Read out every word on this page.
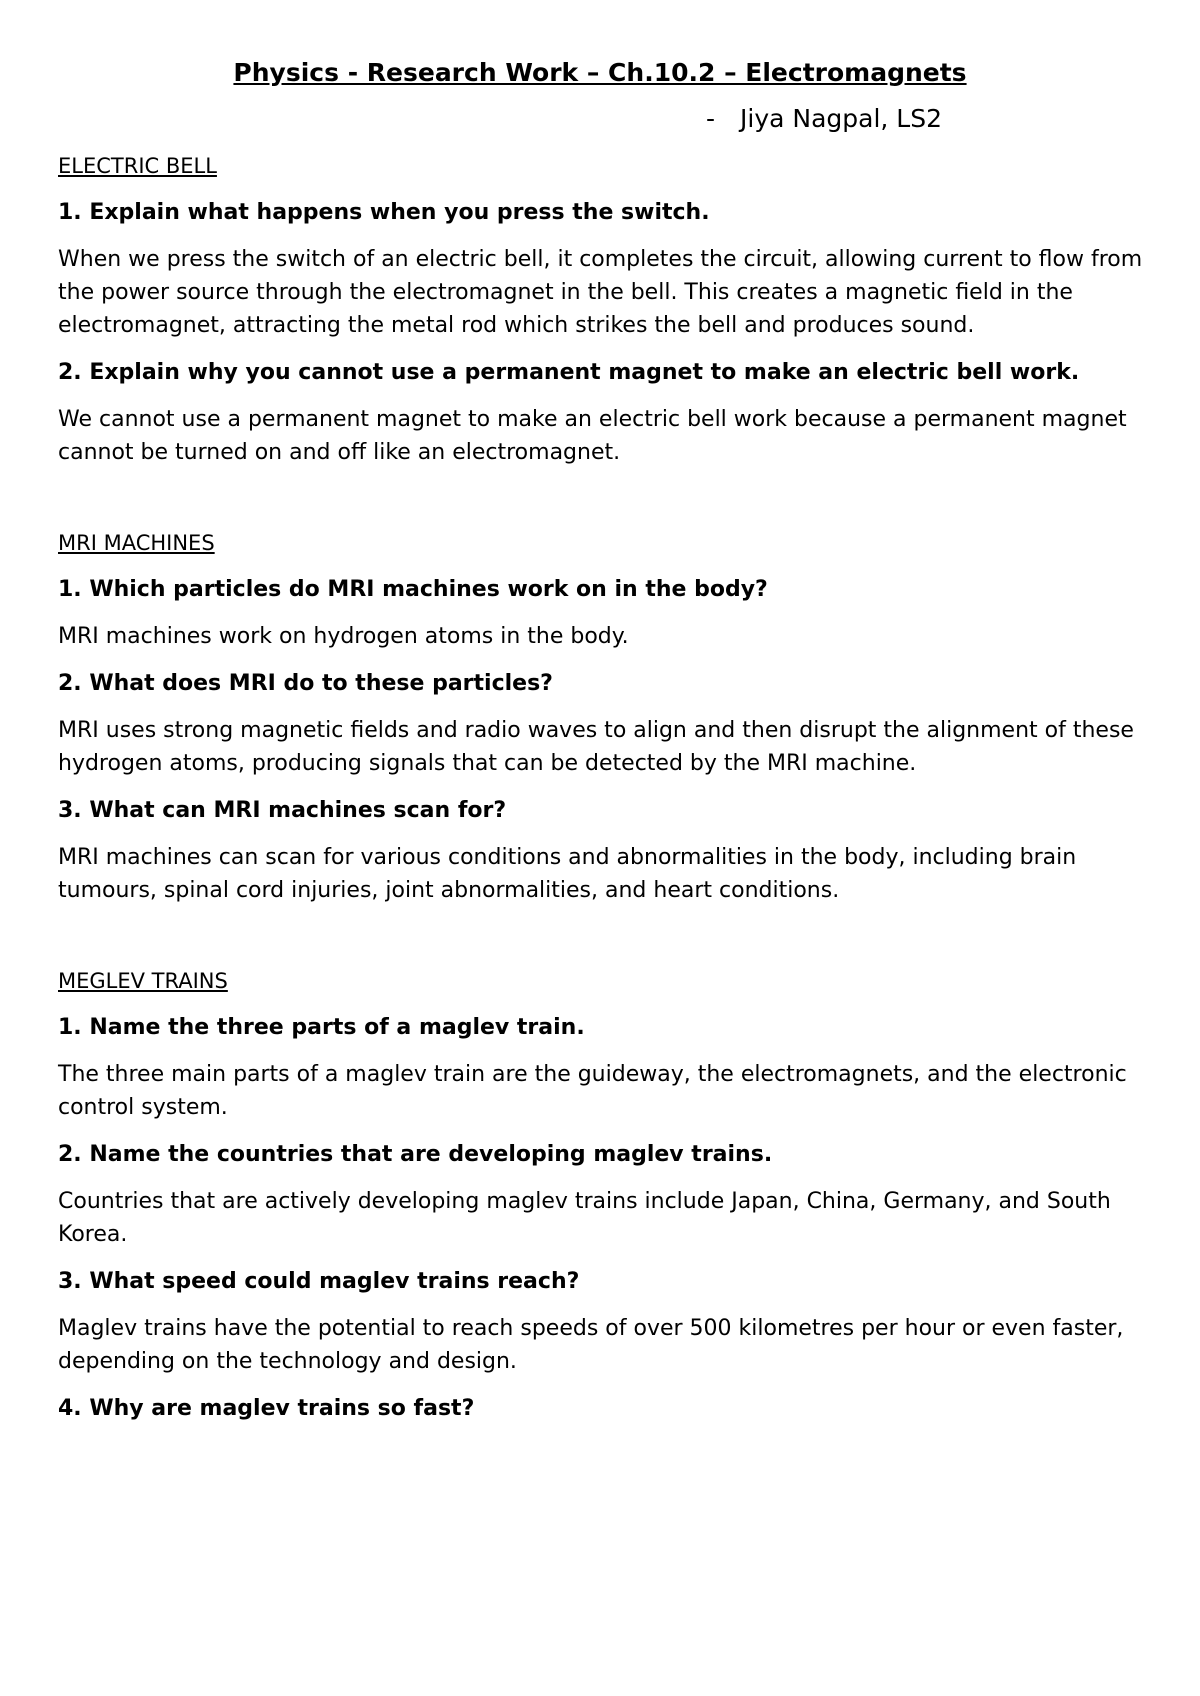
Physics - Research Work – Ch.10.2 – Electromagnets
- Jiya Nagpal, LS2
ELECTRIC BELL
1. Explain what happens when you press the switch.
When we press the switch of an electric bell, it completes the circuit, allowing current to flow from the power source through the electromagnet in the bell. This creates a magnetic field in the electromagnet, attracting the metal rod which strikes the bell and produces sound.
2. Explain why you cannot use a permanent magnet to make an electric bell work.
We cannot use a permanent magnet to make an electric bell work because a permanent magnet cannot be turned on and off like an electromagnet.
MRI MACHINES
1. Which particles do MRI machines work on in the body?
MRI machines work on hydrogen atoms in the body.
2. What does MRI do to these particles?
MRI uses strong magnetic fields and radio waves to align and then disrupt the alignment of these hydrogen atoms, producing signals that can be detected by the MRI machine.
3. What can MRI machines scan for?
MRI machines can scan for various conditions and abnormalities in the body, including brain tumours, spinal cord injuries, joint abnormalities, and heart conditions.
MEGLEV TRAINS
1. Name the three parts of a maglev train.
The three main parts of a maglev train are the guideway, the electromagnets, and the electronic control system.
2. Name the countries that are developing maglev trains.
Countries that are actively developing maglev trains include Japan, China, Germany, and South Korea.
3. What speed could maglev trains reach?
Maglev trains have the potential to reach speeds of over 500 kilometres per hour or even faster, depending on the technology and design.
4. Why are maglev trains so fast?
